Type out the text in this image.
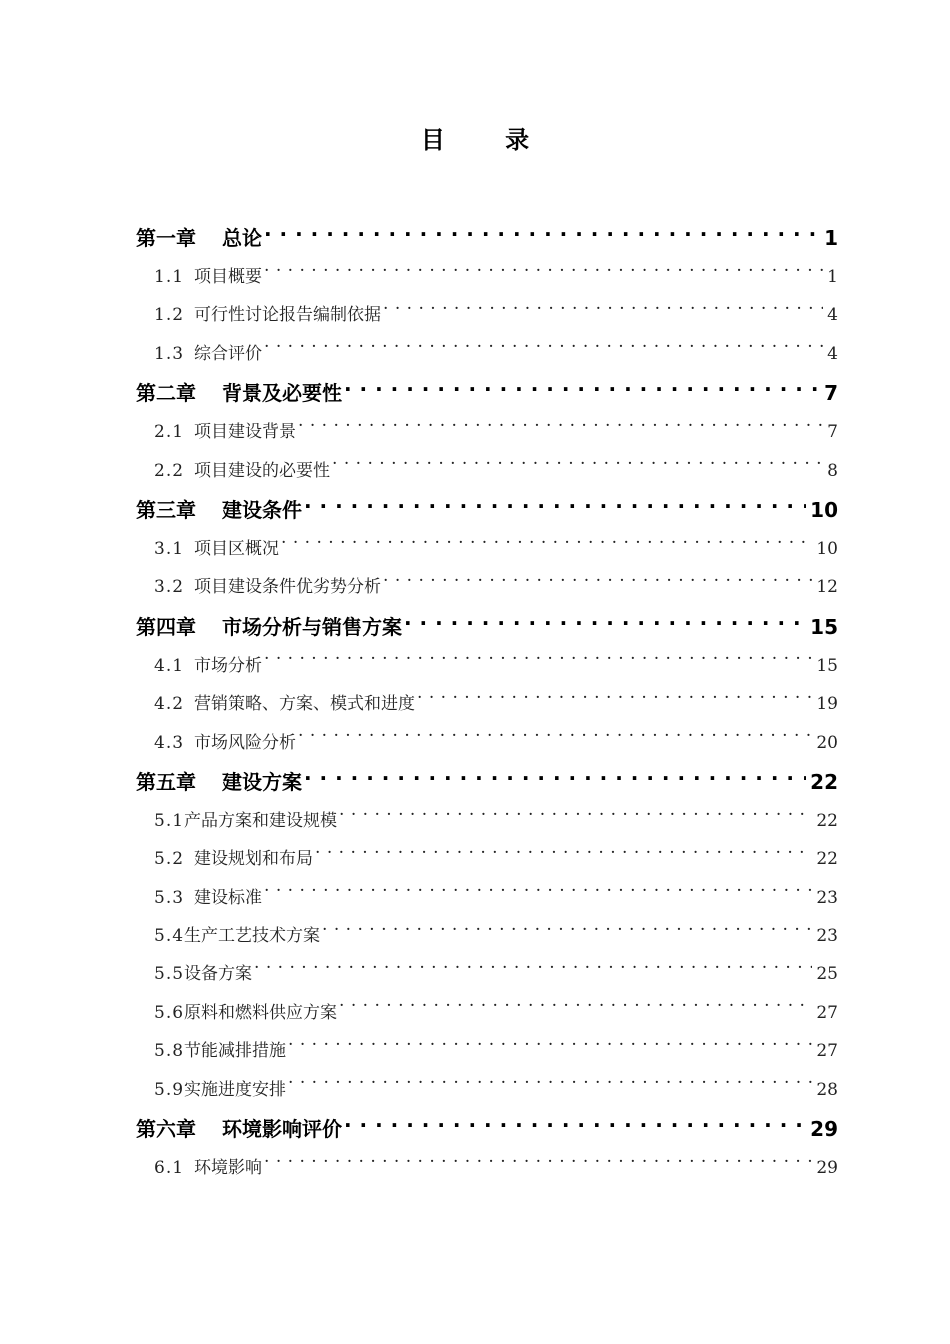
目 录
第一章 总论 . . .	1
1.1 项目概要 . . .	1
1.2 可行性讨论报告编制依据 . . .	4
1.3 综合评价 . . .	4
第二章 背景及必要性 . . .	7
2.1 项目建设背景 . . .	7
2.2 项目建设的必要性 . . .	8
第三章 建设条件 . . .	10
3.1 项目区概况 . . .	10
3.2 项目建设条件优劣势分析 . . .	12
第四章 市场分析与销售方案 . . .	15
4.1 市场分析 . . .	15
4.2 营销策略、方案、模式和进度 . . .	19
4.3 市场风险分析 . . .	20
第五章 建设方案 . . .	22
5.1 产品方案和建设规模 . . .	22
5.2 建设规划和布局 . . .	22
5.3 建设标准 . . .	23
5.4 生产工艺技术方案 . . .	23
5.5 设备方案 . . .	25
5.6 原料和燃料供应方案 . . .	27
5.8 节能减排措施 . . .	27
5.9 实施进度安排 . . .	28
第六章 环境影响评价 . . .	29
6.1 环境影响 . . .	29
